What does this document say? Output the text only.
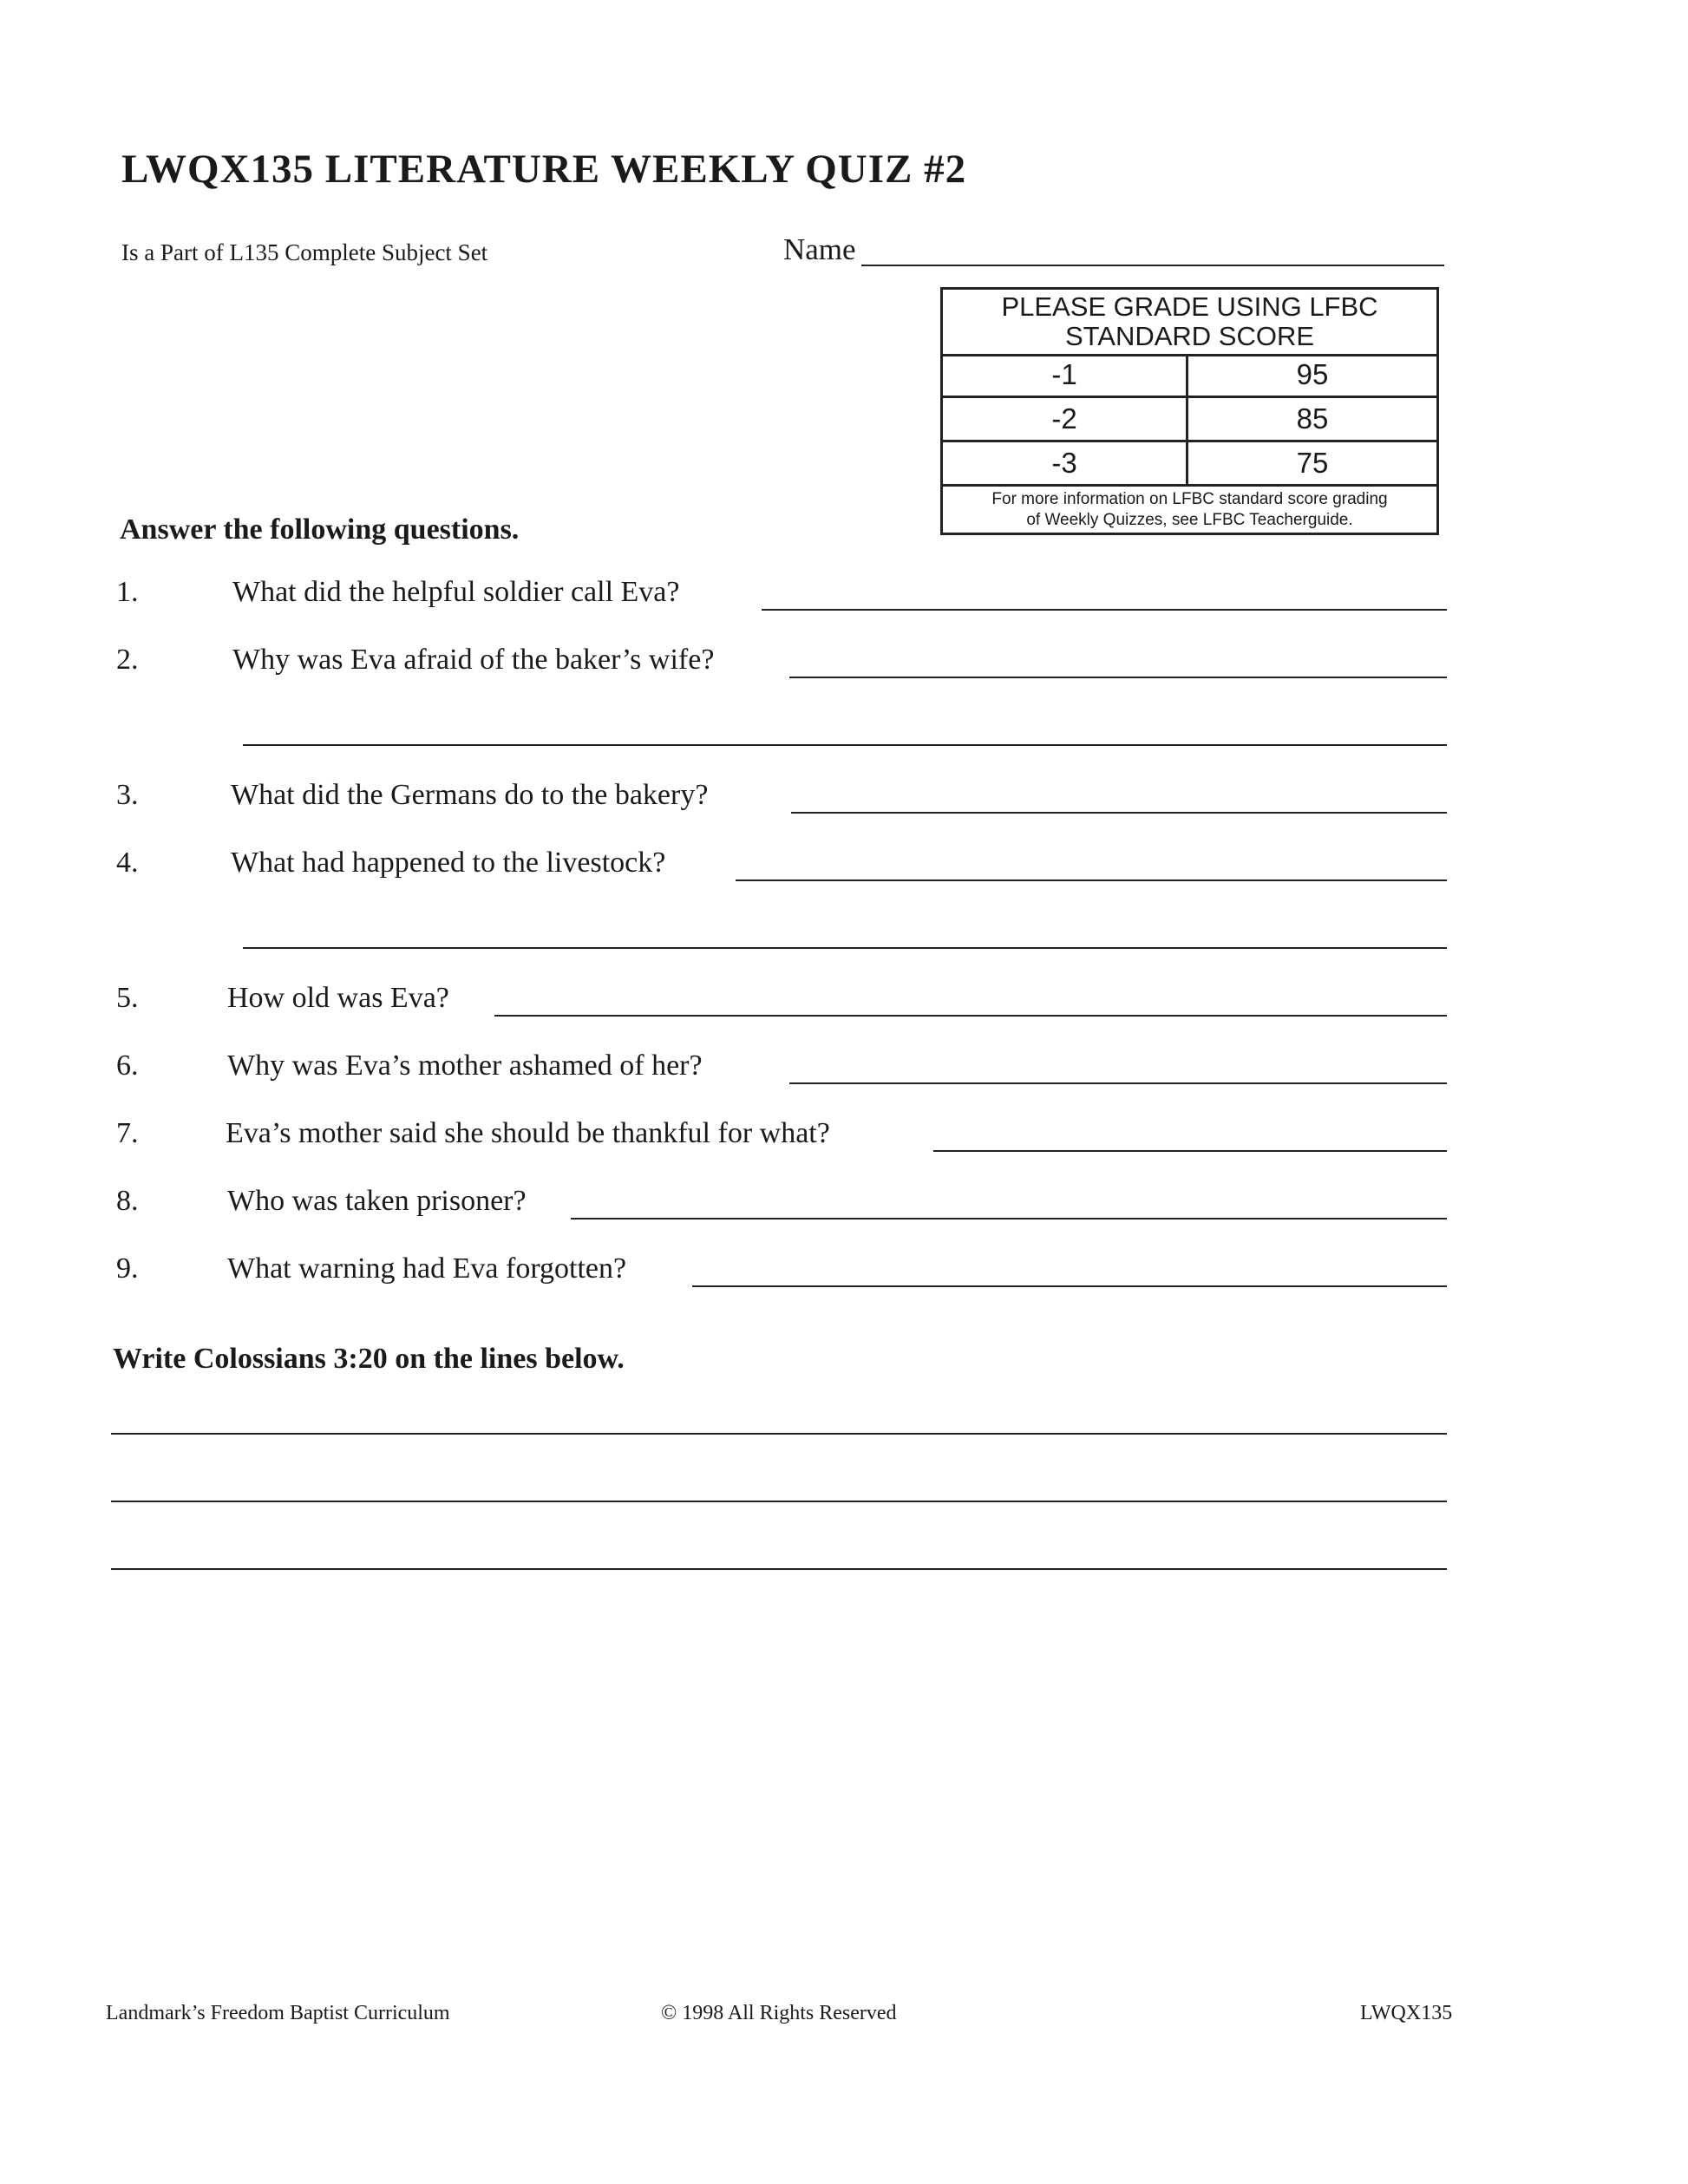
LWQX135 LITERATURE WEEKLY QUIZ #2
Is a Part of L135 Complete Subject Set	Name
PLEASE GRADE USING LFBC
STANDARD SCORE
-1	95
-2	85
-3	75
For more information on LFBC standard score grading
of Weekly Quizzes, see LFBC Teacherguide.
Answer the following questions.
1.	What did the helpful soldier call Eva?
2.	Why was Eva afraid of the baker’s wife?
3.	What did the Germans do to the bakery?
4.	What had happened to the livestock?
5.	How old was Eva?
6.	Why was Eva’s mother ashamed of her?
7.	Eva’s mother said she should be thankful for what?
8.	Who was taken prisoner?
9.	What warning had Eva forgotten?
Write Colossians 3:20 on the lines below.
Landmark’s Freedom Baptist Curriculum	© 1998 All Rights Reserved	LWQX135
